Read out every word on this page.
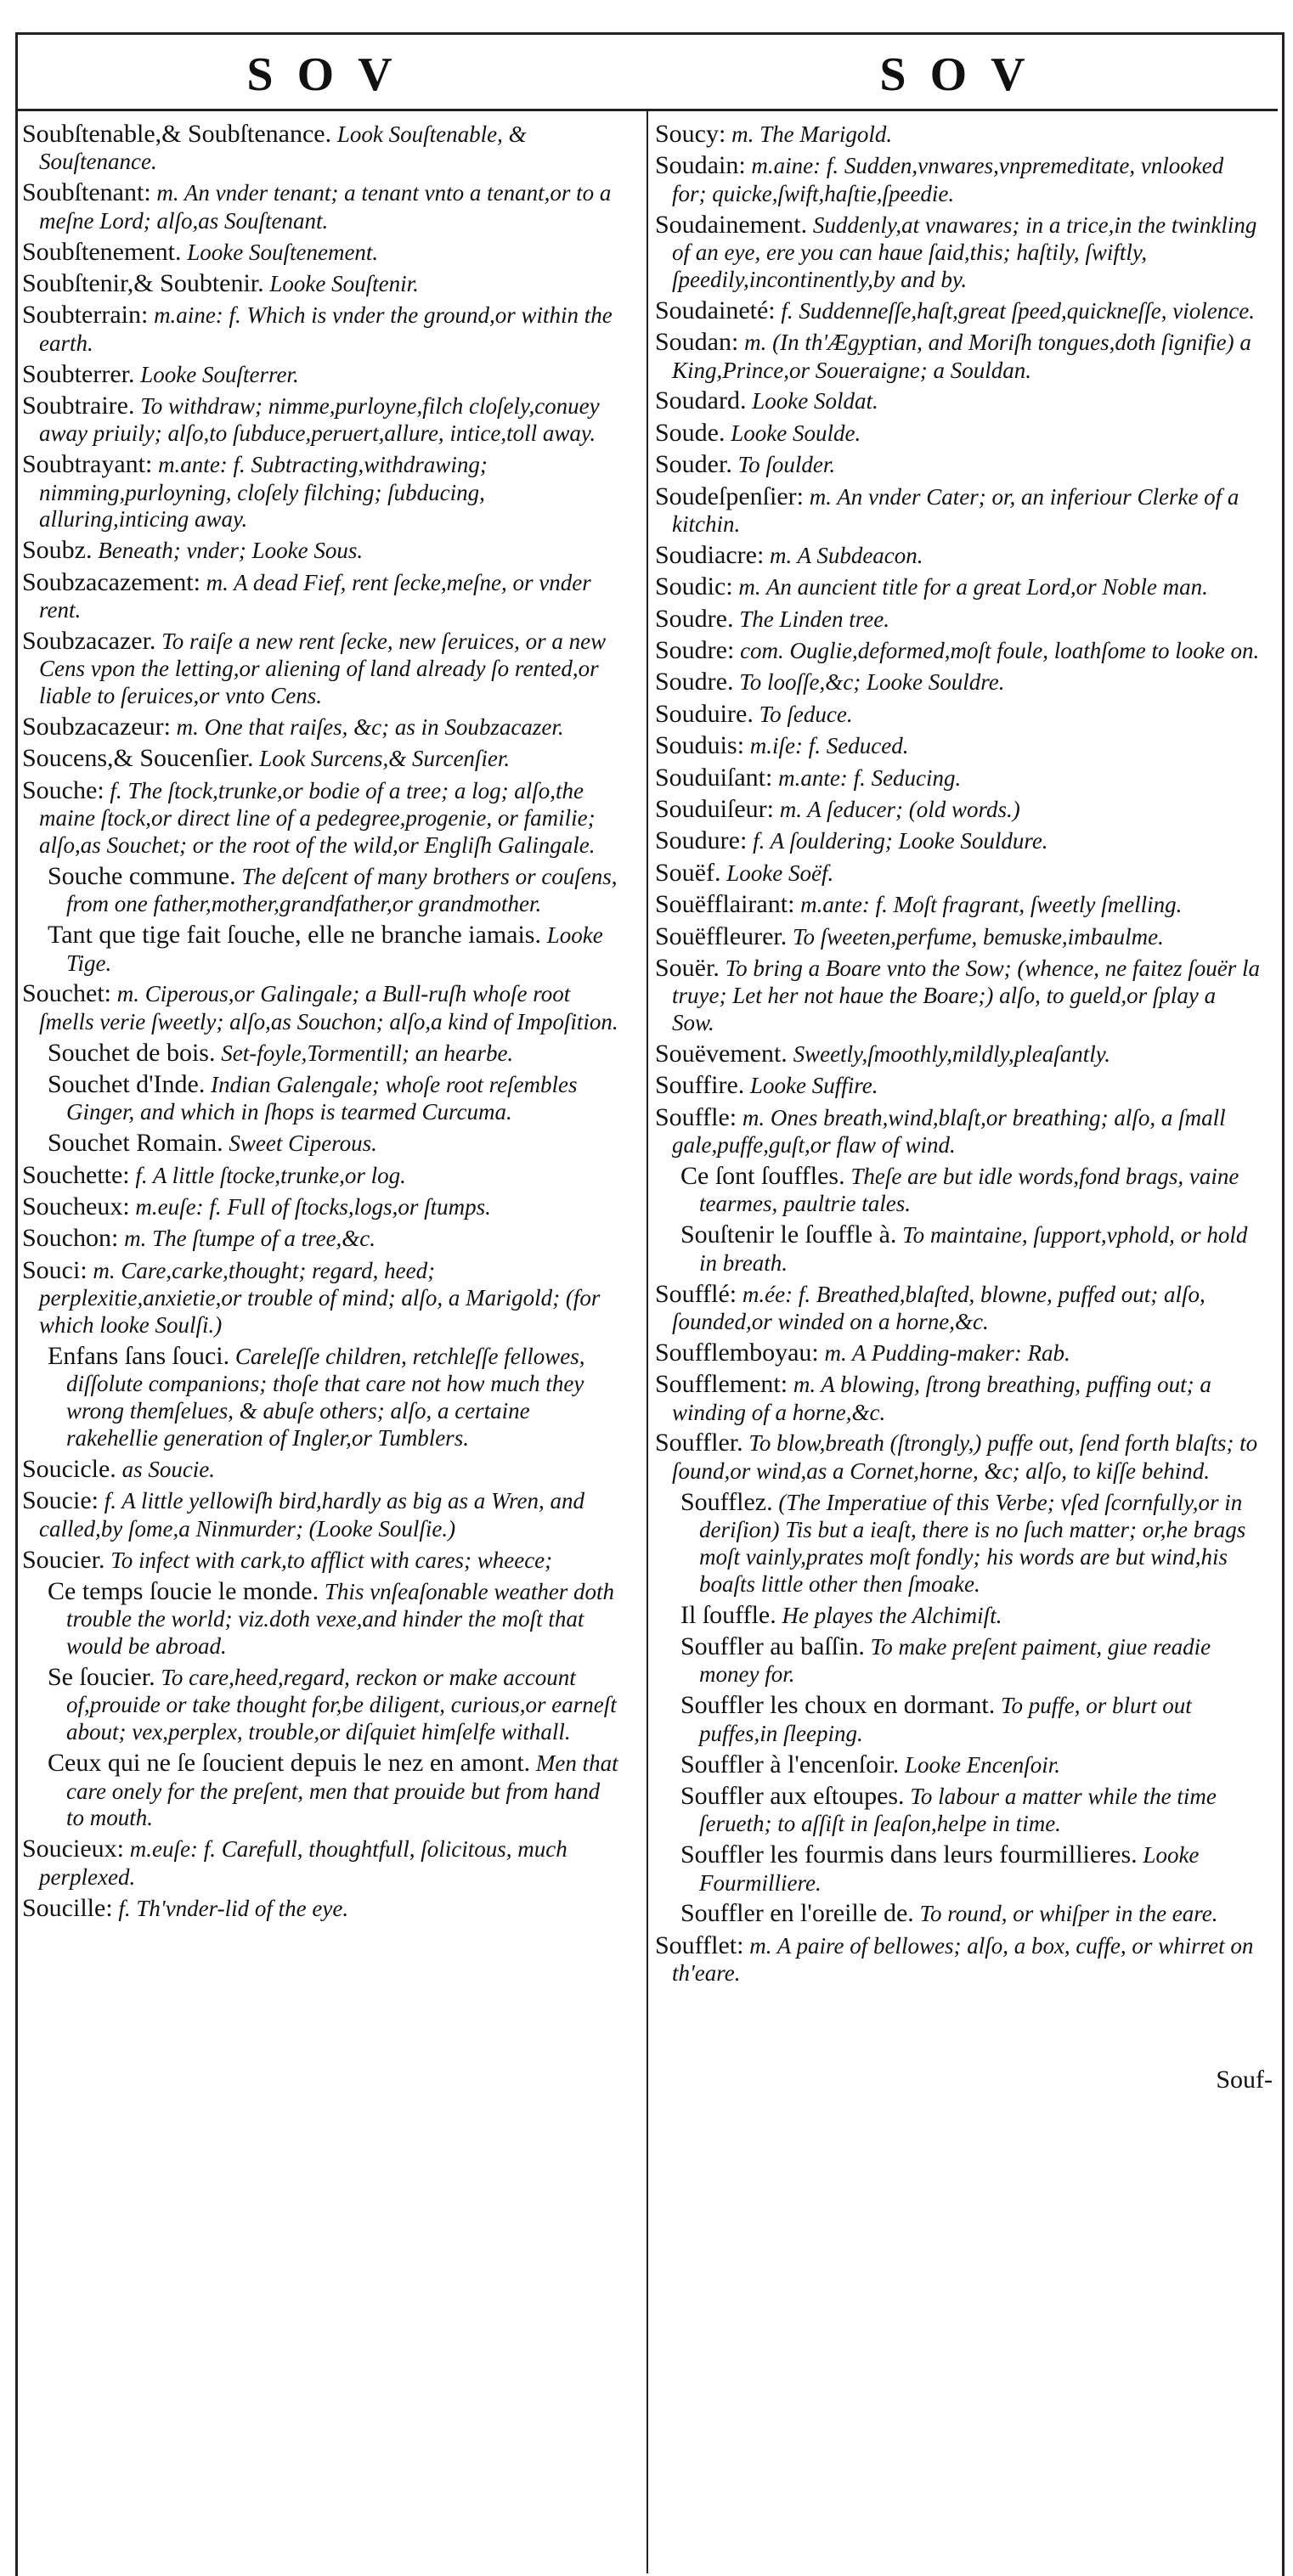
SOV	SOV
Soubſtenable,& Soubſtenance. Look Souſtenable, & Souſtenance.
Soubſtenant: m. An vnder tenant; a tenant vnto a tenant,or to a meſne Lord; alſo,as Souſtenant.
Soubſtenement. Looke Souſtenement.
Soubſtenir,& Soubtenir. Looke Souſtenir.
Soubterrain: m.aine: f. Which is vnder the ground,or within the earth.
Soubterrer. Looke Souſterrer.
Soubtraire. To withdraw; nimme,purloyne,filch cloſely,conuey away priuily; alſo,to ſubduce,peruert,allure, intice,toll away.
Soubtrayant: m.ante: f. Subtracting,withdrawing; nimming,purloyning, cloſely filching; ſubducing, alluring,inticing away.
Soubz. Beneath; vnder; Looke Sous.
Soubzacazement: m. A dead Fief, rent ſecke,meſne, or vnder rent.
Soubzacazer. To raiſe a new rent ſecke, new ſeruices, or a new Cens vpon the letting,or aliening of land already ſo rented,or liable to ſeruices,or vnto Cens.
Soubzacazeur: m. One that raiſes, &c; as in Soubzacazer.
Soucens,& Soucenſier. Look Surcens,& Surcenſier.
Souche: f. The ſtock,trunke,or bodie of a tree; a log; alſo,the maine ſtock,or direct line of a pedegree,progenie, or familie; alſo,as Souchet; or the root of the wild,or Engliſh Galingale.
Souche commune. The deſcent of many brothers or couſens, from one father,mother,grandfather,or grandmother.
Tant que tige fait ſouche, elle ne branche iamais. Looke Tige.
Souchet: m. Ciperous,or Galingale; a Bull-ruſh whoſe root ſmells verie ſweetly; alſo,as Souchon; alſo,a kind of Impoſition.
Souchet de bois. Set-foyle,Tormentill; an hearbe.
Souchet d'Inde. Indian Galengale; whoſe root reſembles Ginger, and which in ſhops is tearmed Curcuma.
Souchet Romain. Sweet Ciperous.
Souchette: f. A little ſtocke,trunke,or log.
Soucheux: m.euſe: f. Full of ſtocks,logs,or ſtumps.
Souchon: m. The ſtumpe of a tree,&c.
Souci: m. Care,carke,thought; regard, heed; perplexitie,anxietie,or trouble of mind; alſo, a Marigold; (for which looke Soulſi.)
Enfans ſans ſouci. Careleſſe children, retchleſſe fellowes, diſſolute companions; thoſe that care not how much they wrong themſelues, & abuſe others; alſo, a certaine rakehellie generation of Ingler,or Tumblers.
Soucicle. as Soucie.
Soucie: f. A little yellowiſh bird,hardly as big as a Wren, and called,by ſome,a Ninmurder; (Looke Soulſie.)
Soucier. To infect with cark,to afflict with cares; wheece;
Ce temps ſoucie le monde. This vnſeaſonable weather doth trouble the world; viz.doth vexe,and hinder the moſt that would be abroad.
Se ſoucier. To care,heed,regard, reckon or make account of,prouide or take thought for,be diligent, curious,or earneſt about; vex,perplex, trouble,or diſquiet himſelfe withall.
Ceux qui ne ſe ſoucient depuis le nez en amont. Men that care onely for the preſent, men that prouide but from hand to mouth.
Soucieux: m.euſe: f. Carefull, thoughtfull, ſolicitous, much perplexed.
Soucille: f. Th'vnder-lid of the eye.
Soucy: m. The Marigold.
Soudain: m.aine: f. Sudden,vnwares,vnpremeditate, vnlooked for; quicke,ſwift,haſtie,ſpeedie.
Soudainement. Suddenly,at vnawares; in a trice,in the twinkling of an eye, ere you can haue ſaid,this; haſtily, ſwiftly, ſpeedily,incontinently,by and by.
Soudaineté: f. Suddenneſſe,haſt,great ſpeed,quickneſſe, violence.
Soudan: m. (In th'Ægyptian, and Moriſh tongues,doth ſignifie) a King,Prince,or Soueraigne; a Souldan.
Soudard. Looke Soldat.
Soude. Looke Soulde.
Souder. To ſoulder.
Soudeſpenſier: m. An vnder Cater; or, an inferiour Clerke of a kitchin.
Soudiacre: m. A Subdeacon.
Soudic: m. An auncient title for a great Lord,or Noble man.
Soudre. The Linden tree.
Soudre: com. Ouglie,deformed,moſt foule, loathſome to looke on.
Soudre. To looſſe,&c; Looke Souldre.
Souduire. To ſeduce.
Souduis: m.iſe: f. Seduced.
Souduiſant: m.ante: f. Seducing.
Souduiſeur: m. A ſeducer; (old words.)
Soudure: f. A ſouldering; Looke Souldure.
Souëf. Looke Soëf.
Souëfflairant: m.ante: f. Moſt fragrant, ſweetly ſmelling.
Souëffleurer. To ſweeten,perfume, bemuske,imbaulme.
Souër. To bring a Boare vnto the Sow; (whence, ne faitez ſouër la truye; Let her not haue the Boare;) alſo, to gueld,or ſplay a Sow.
Souëvement. Sweetly,ſmoothly,mildly,pleaſantly.
Souffire. Looke Suffire.
Souffle: m. Ones breath,wind,blaſt,or breathing; alſo, a ſmall gale,puffe,guſt,or flaw of wind.
Ce ſont ſouffles. Theſe are but idle words,fond brags, vaine tearmes, paultrie tales.
Souſtenir le ſouffle à. To maintaine, ſupport,vphold, or hold in breath.
Soufflé: m.ée: f. Breathed,blaſted, blowne, puffed out; alſo, ſounded,or winded on a horne,&c.
Soufflemboyau: m. A Pudding-maker: Rab.
Soufflement: m. A blowing, ſtrong breathing, puffing out; a winding of a horne,&c.
Souffler. To blow,breath (ſtrongly,) puffe out, ſend forth blaſts; to ſound,or wind,as a Cornet,horne, &c; alſo, to kiſſe behind.
Soufflez. (The Imperatiue of this Verbe; vſed ſcornfully,or in deriſion) Tis but a ieaſt, there is no ſuch matter; or,he brags moſt vainly,prates moſt fondly; his words are but wind,his boaſts little other then ſmoake.
Il ſouffle. He playes the Alchimiſt.
Souffler au baſſin. To make preſent paiment, giue readie money for.
Souffler les choux en dormant. To puffe, or blurt out puffes,in ſleeping.
Souffler à l'encenſoir. Looke Encenſoir.
Souffler aux eſtoupes. To labour a matter while the time ſerueth; to aſſiſt in ſeaſon,helpe in time.
Souffler les fourmis dans leurs fourmillieres. Looke Fourmilliere.
Souffler en l'oreille de. To round, or whiſper in the eare.
Soufflet: m. A paire of bellowes; alſo, a box, cuffe, or whirret on th'eare.
Souf-
